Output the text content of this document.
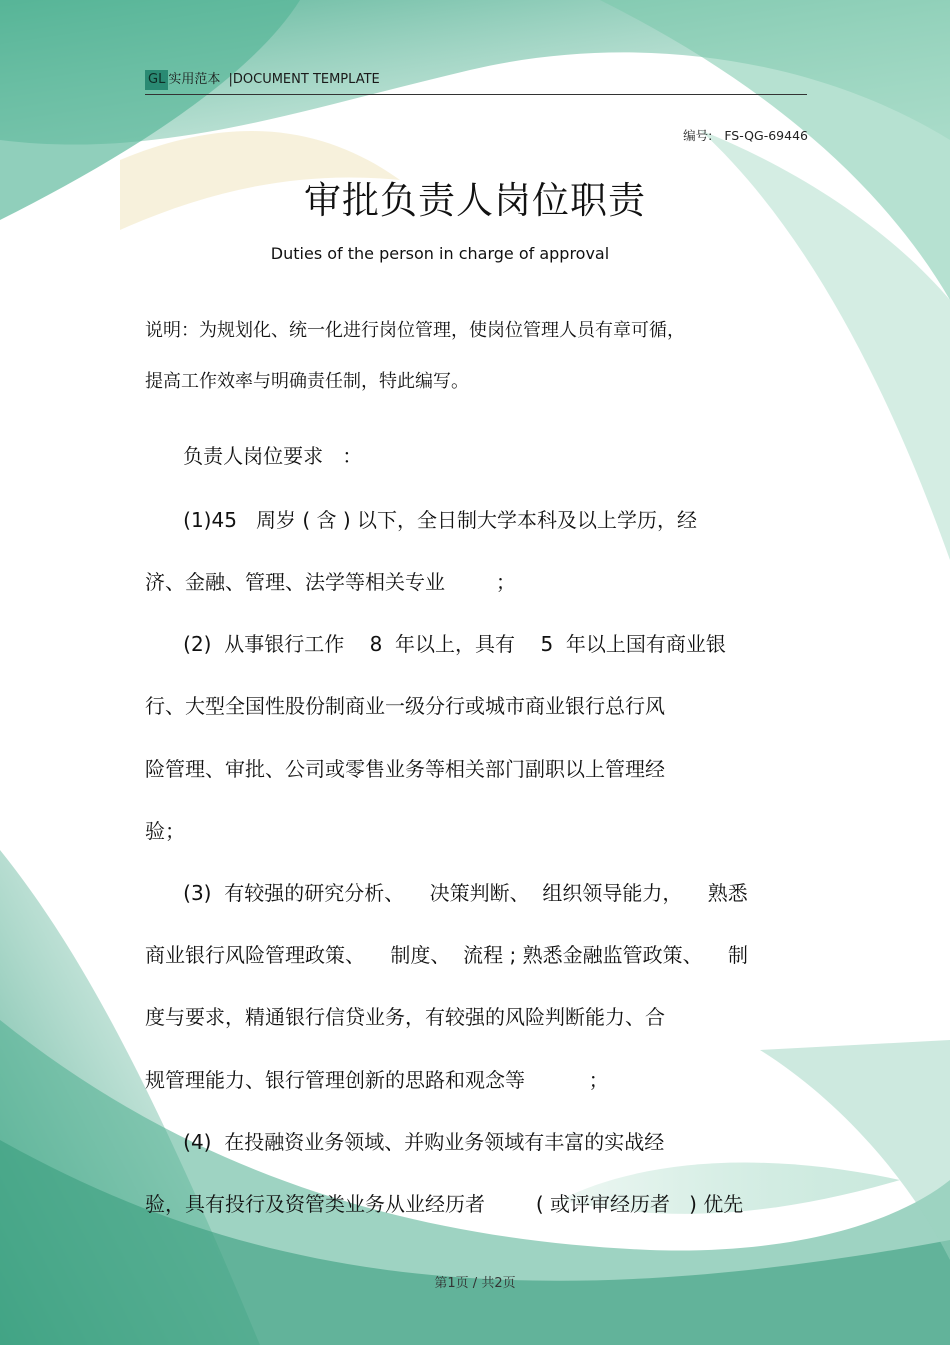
GL 实用范本 |DOCUMENT TEMPLATE
编号: FS-QG-69446
审批负责人岗位职责
Duties of the person in charge of approval
说明：为规划化、统一化进行岗位管理，使岗位管理人员有章可循，
提高工作效率与明确责任制，特此编写。
负责人岗位要求   ：
(1)45   周岁 ( 含 ) 以下，全日制大学本科及以上学历，经
济、金融、管理、法学等相关专业        ；
(2)  从事银行工作    8  年以上，具有    5  年以上国有商业银
行、大型全国性股份制商业一级分行或城市商业银行总行风
险管理、审批、公司或零售业务等相关部门副职以上管理经
验；
(3)  有较强的研究分析、    决策判断、  组织领导能力，    熟悉
商业银行风险管理政策、    制度、  流程 ; 熟悉金融监管政策、    制
度与要求，精通银行信贷业务，有较强的风险判断能力、合
规管理能力、银行管理创新的思路和观念等          ；
(4)  在投融资业务领域、并购业务领域有丰富的实战经
验，具有投行及资管类业务从业经历者        ( 或评审经历者   ) 优先
第1页 / 共2页
